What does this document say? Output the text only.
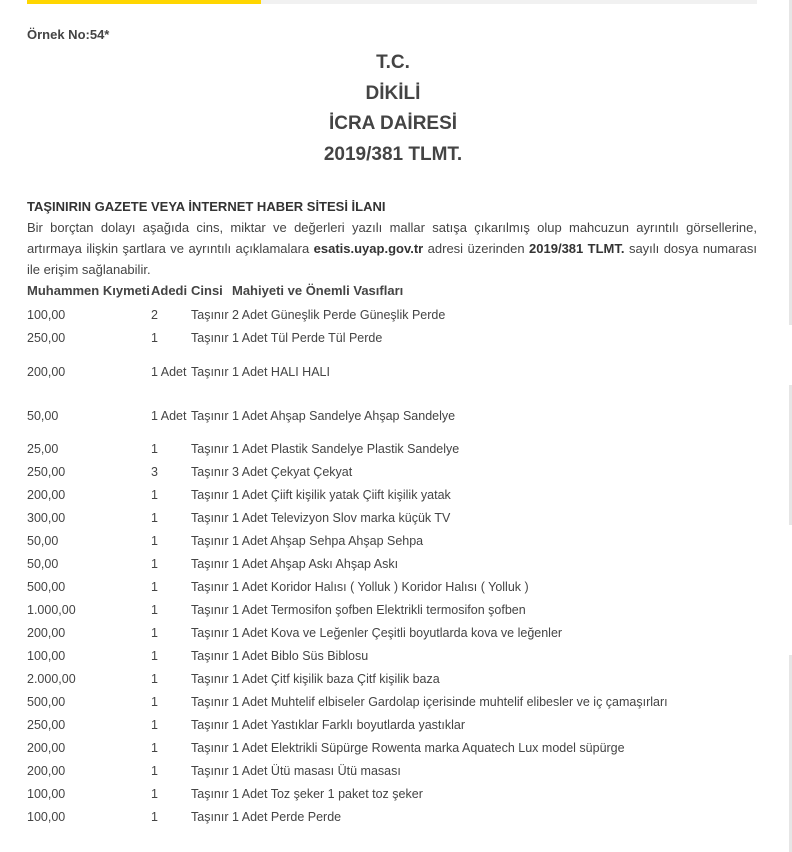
Örnek No:54*

T.C.
DİKİLİ
İCRA DAİRESİ
2019/381 TLMT.

TAŞINIRIN GAZETE VEYA İNTERNET HABER SİTESİ İLANI

Bir borçtan dolayı aşağıda cins, miktar ve değerleri yazılı mallar satışa çıkarılmış olup mahcuzun ayrıntılı görsellerine, artırmaya ilişkin şartlara ve ayrıntılı açıklamalara esatis.uyap.gov.tr adresi üzerinden 2019/381 TLMT. sayılı dosya numarası ile erişim sağlanabilir.

Muhammen Kıymeti	Adedi	Cinsi	Mahiyeti ve Önemli Vasıfları
100,00	2	Taşınır	2 Adet Güneşlik Perde Güneşlik Perde
250,00	1	Taşınır	1 Adet Tül Perde Tül Perde
200,00	1 Adet	Taşınır	1 Adet HALI HALI
50,00	1 Adet	Taşınır	1 Adet Ahşap Sandelye Ahşap Sandelye
25,00	1	Taşınır	1 Adet Plastik Sandelye Plastik Sandelye
250,00	3	Taşınır	3 Adet Çekyat Çekyat
200,00	1	Taşınır	1 Adet Çiift kişilik yatak Çiift kişilik yatak
300,00	1	Taşınır	1 Adet Televizyon Slov marka küçük TV
50,00	1	Taşınır	1 Adet Ahşap Sehpa Ahşap Sehpa
50,00	1	Taşınır	1 Adet Ahşap Askı Ahşap Askı
500,00	1	Taşınır	1 Adet Koridor Halısı ( Yolluk ) Koridor Halısı ( Yolluk )
1.000,00	1	Taşınır	1 Adet Termosifon şofben Elektrikli termosifon şofben
200,00	1	Taşınır	1 Adet Kova ve Leğenler Çeşitli boyutlarda kova ve leğenler
100,00	1	Taşınır	1 Adet Biblo Süs Biblosu
2.000,00	1	Taşınır	1 Adet Çitf kişilik baza Çitf kişilik baza
500,00	1	Taşınır	1 Adet Muhtelif elbiseler Gardolap içerisinde muhtelif elibesler ve iç çamaşırları
250,00	1	Taşınır	1 Adet Yastıklar Farklı boyutlarda yastıklar
200,00	1	Taşınır	1 Adet Elektrikli Süpürge Rowenta marka Aquatech Lux model süpürge
200,00	1	Taşınır	1 Adet Ütü masası Ütü masası
100,00	1	Taşınır	1 Adet Toz şeker 1 paket toz şeker
100,00	1	Taşınır	1 Adet Perde Perde
